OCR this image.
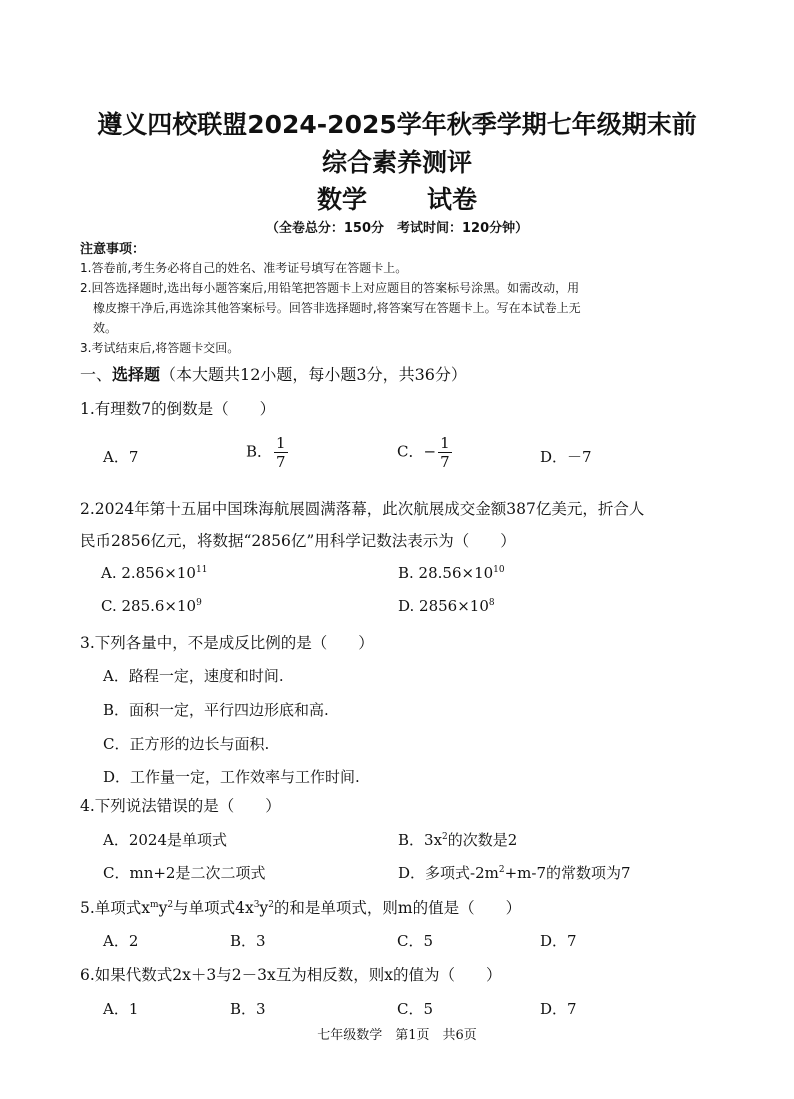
遵义四校联盟2024-2025学年秋季学期七年级期末前
综合素养测评
数学 试卷
（全卷总分：150分　考试时间：120分钟）
注意事项：
1.答卷前,考生务必将自己的姓名、准考证号填写在答题卡上。
2.回答选择题时,选出每小题答案后,用铅笔把答题卡上对应题目的答案标号涂黑。如需改动，用
橡皮擦干净后,再选涂其他答案标号。回答非选择题时,将答案写在答题卡上。写在本试卷上无
效。
3.考试结束后,将答题卡交回。
一、选择题（本大题共12小题，每小题3分，共36分）
1.有理数7的倒数是（　　）
A．7	B． $\frac{1}{7}$	C．− $\frac{1}{7}$	D．－7
2.2024年第十五届中国珠海航展圆满落幕，此次航展成交金额387亿美元，折合人
民币2856亿元，将数据“2856亿”用科学记数法表示为（　　）
A. $2.856\times 10^{11}$	B. $28.56\times 10^{10}$
C. $285.6\times 10^9$	D. $2856\times 10^8$
3.下列各量中，不是成反比例的是（　　）
A．路程一定，速度和时间.
B．面积一定，平行四边形底和高.
C．正方形的边长与面积.
D．工作量一定，工作效率与工作时间.
4.下列说法错误的是（　　）
A．2024是单项式	B．$3x^2$的次数是2
C．mn+2是二次二项式	D．多项式$-2m^2+m-7$的常数项为7
5.单项式$x^my^2$与单项式$4x^3y^2$的和是单项式，则m的值是（　　）
A．2	B．3	C．5	D．7
6.如果代数式2x＋3与2－3x互为相反数，则x的值为（　　）
A．1	B．3	C．5	D．7
七年级数学　第1页　共6页
